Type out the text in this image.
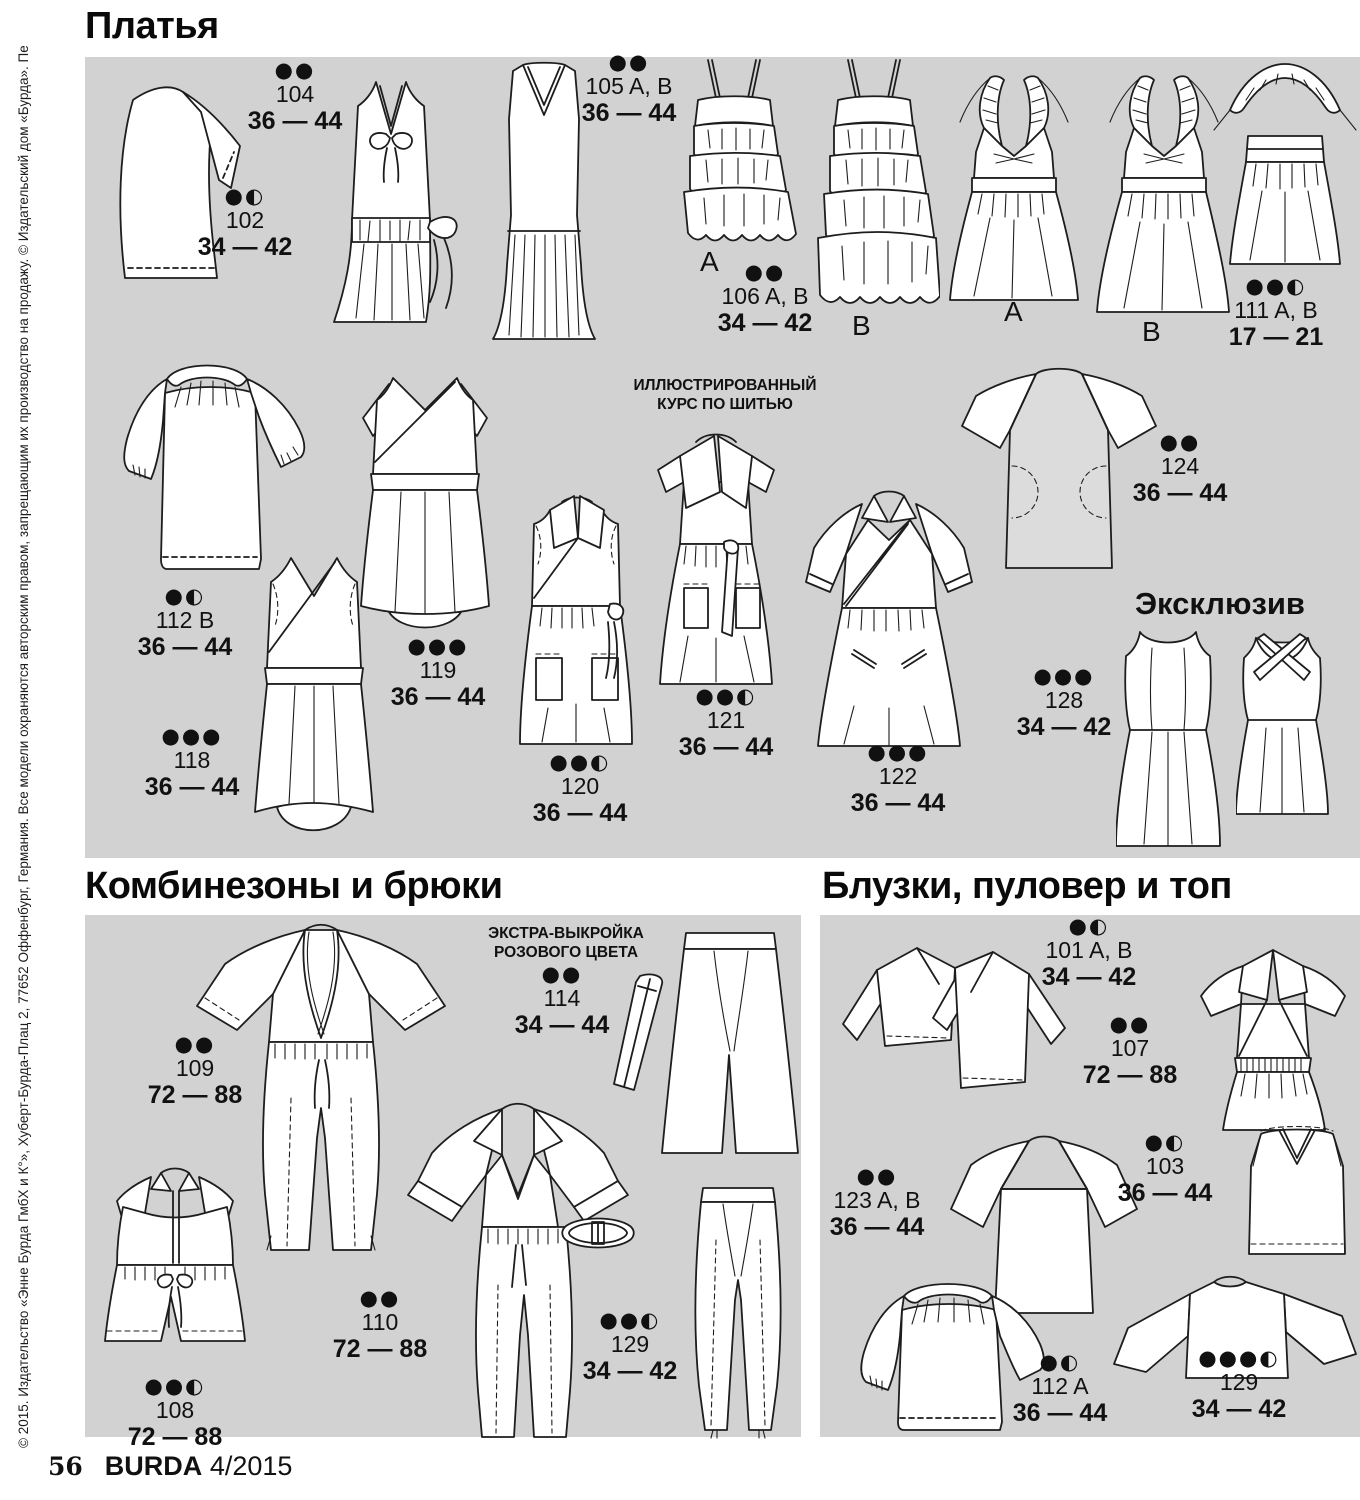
© 2015. Издательство «Энне Бурда ГмбХ и К°», Хуберт-Бурда-Плац 2, 77652 Оффенбург, Германия. Все модели охраняются авторским правом, запрещающим их производство на продажу. © Издательский дом «Бурда». Пе
Платья
Комбинезоны и брюки	Блузки, пуловер и топ
●●
104
36 — 44
●◐
102
34 — 42
●●
105 A, B
36 — 44
●●
106 A, B
34 — 42
●●◐
111 A, B
17 — 21
●◐
112 B
36 — 44
●●●
118
36 — 44
●●●
119
36 — 44
●●◐
120
36 — 44
●●◐
121
36 — 44	●●●
122
36 — 44
●●
124
36 — 44
●●●
128
34 — 42
●●
109
72 — 88
●●◐
108
72 — 88
●●
110
72 — 88
●●
114
34 — 44
●●◐
129
34 — 42
●◐
101 A, B
34 — 42
●●
107
72 — 88
●●
123 A, B
36 — 44
●◐
103
36 — 44
●◐
112 A
36 — 44
●●●◐
129
34 — 42
A
B	A
B
ИЛЛЮСТРИРОВАННЫЙ
КУРС ПО ШИТЬЮ
Эксклюзив
ЭКСТРА-ВЫКРОЙКА
РОЗОВОГО ЦВЕТА
56 BURDA 4/2015
